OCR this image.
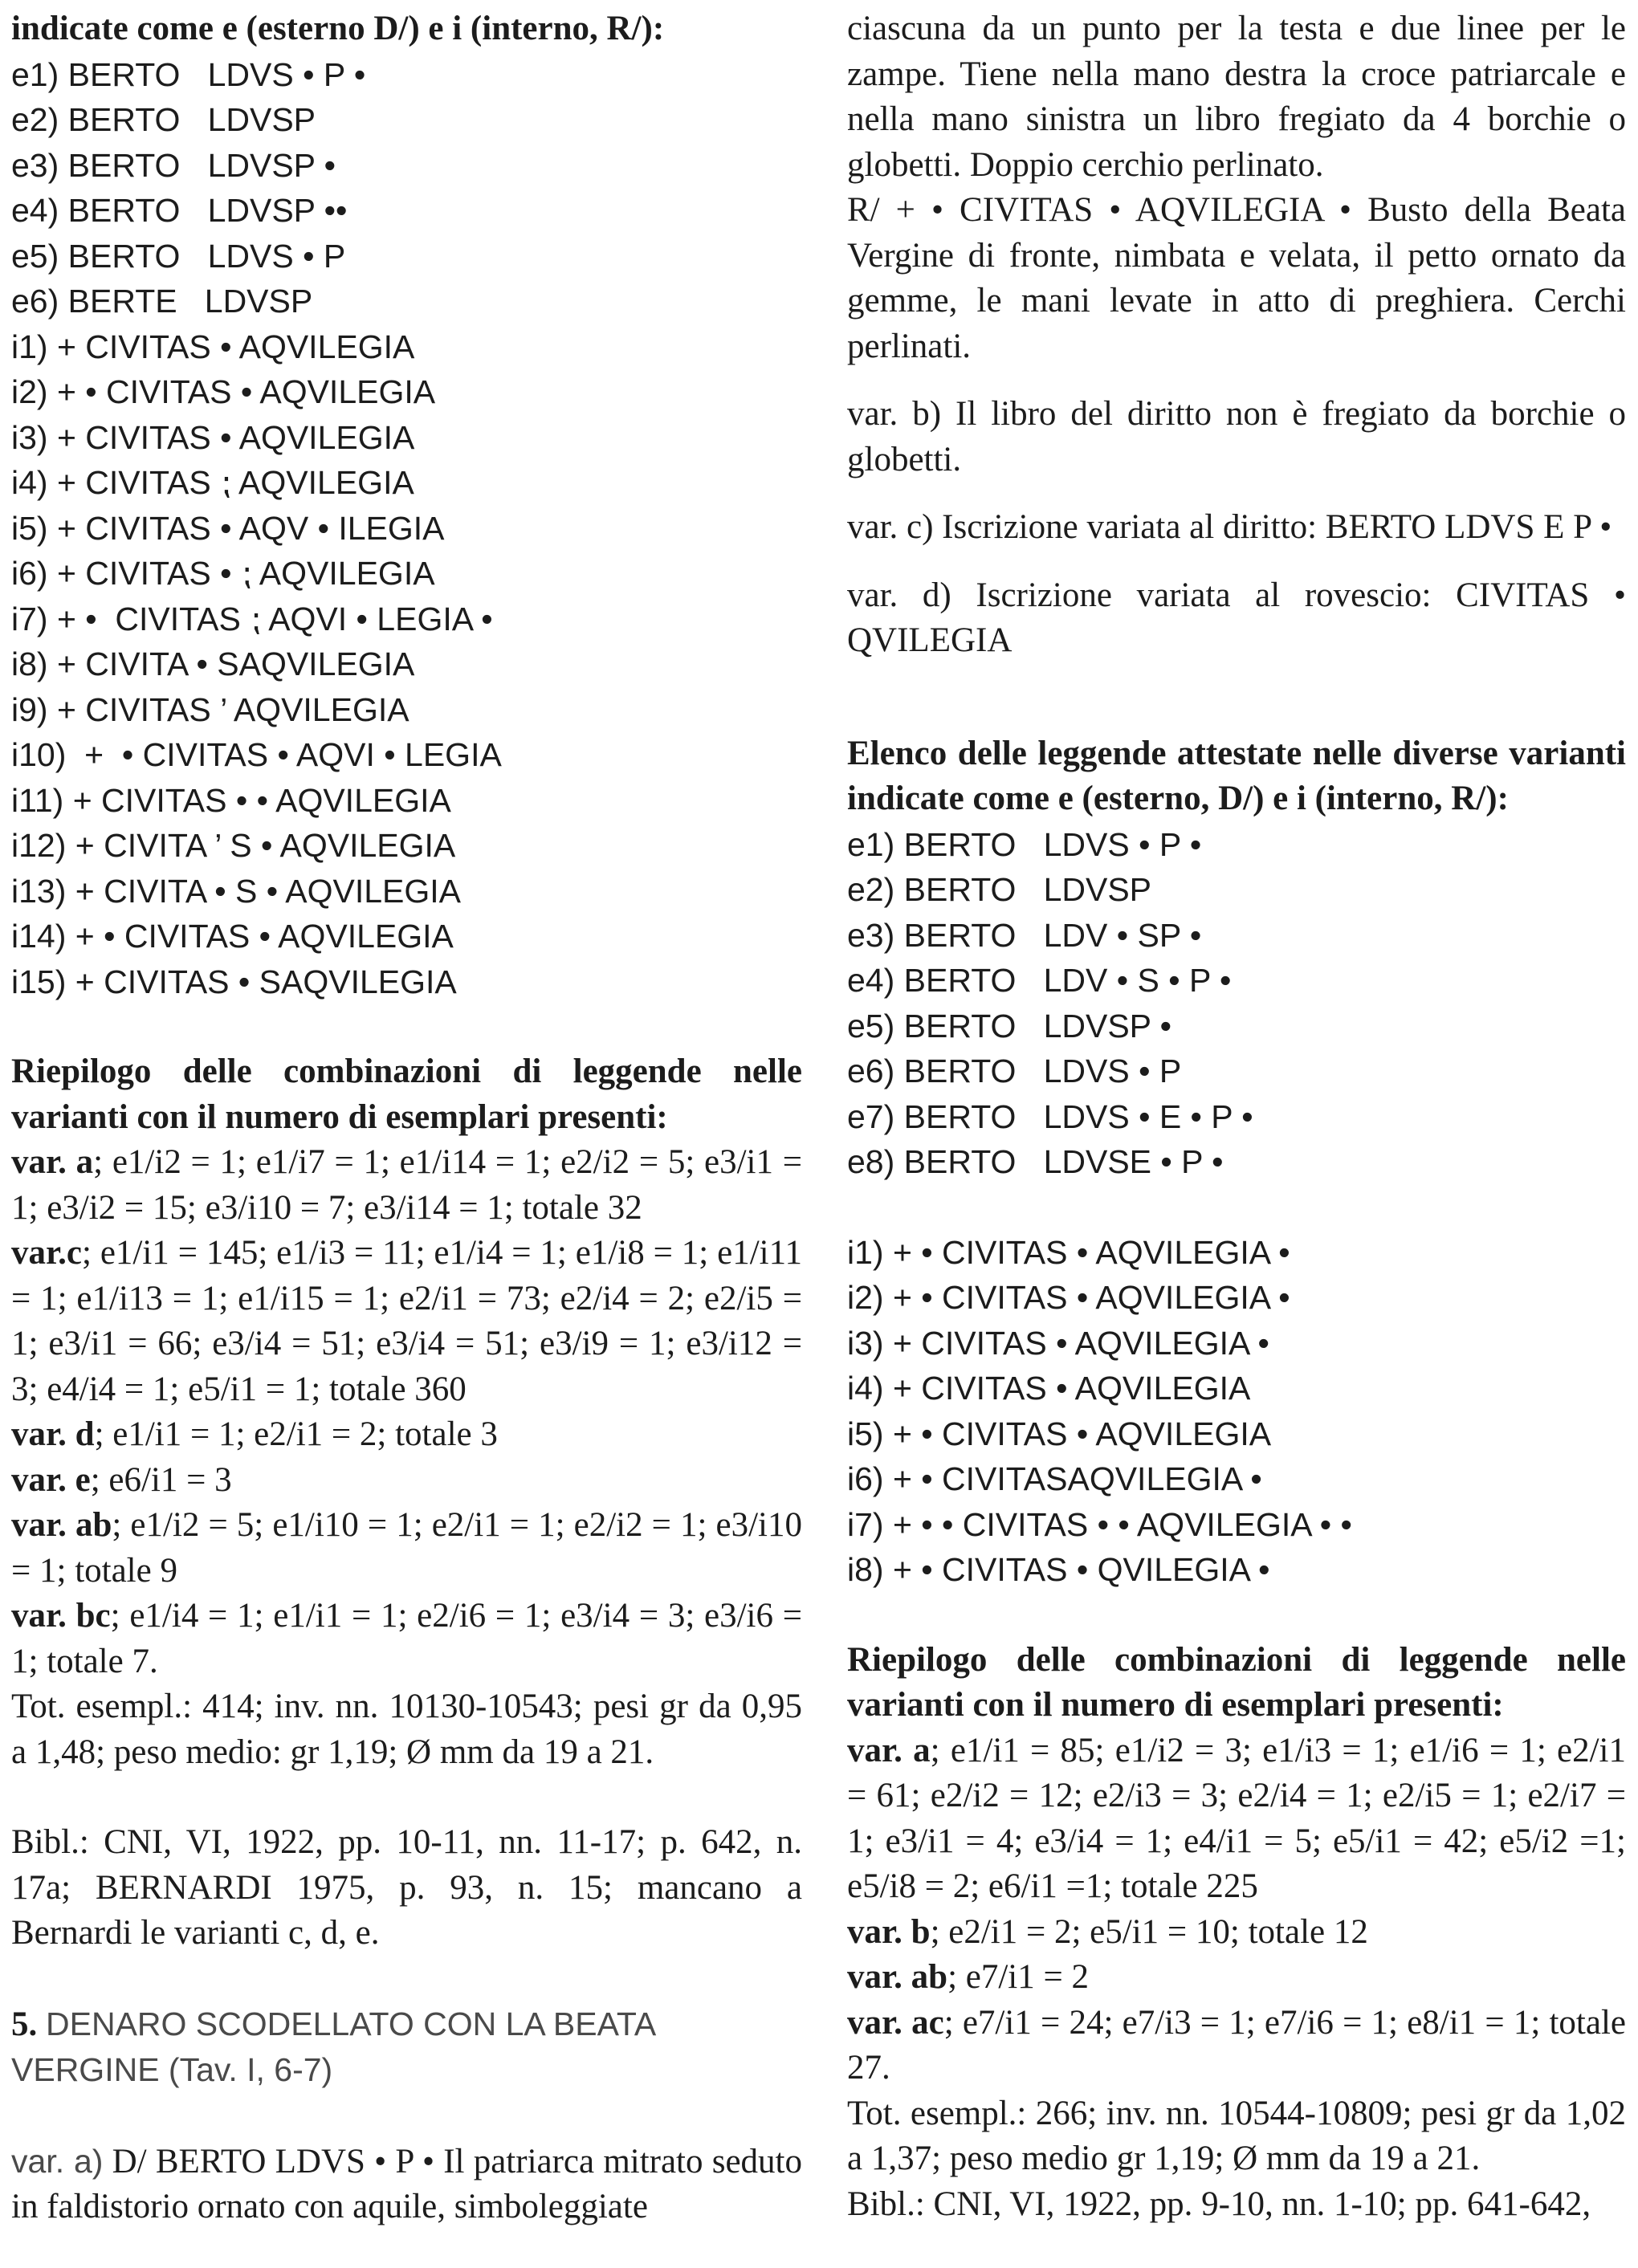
indicate come e (esterno D/) e i (interno, R/):
e1) BERTO   LDVS • P •
e2) BERTO   LDVSP
e3) BERTO   LDVSP •
e4) BERTO   LDVSP ••
e5) BERTO   LDVS • P
e6) BERTE   LDVSP
i1) + CIVITAS • AQVILEGIA
i2) + • CIVITAS • AQVILEGIA
i3) + CIVITAS • AQVILEGIA
i4) + CIVITAS ⁏ AQVILEGIA
i5) + CIVITAS • AQV • ILEGIA
i6) + CIVITAS • ⁏ AQVILEGIA
i7) + •  CIVITAS ⁏ AQVI • LEGIA •
i8) + CIVITA • SAQVILEGIA
i9) + CIVITAS ’ AQVILEGIA
i10)  +  • CIVITAS • AQVI • LEGIA
i11) + CIVITAS • • AQVILEGIA
i12) + CIVITA ’ S • AQVILEGIA
i13) + CIVITA • S • AQVILEGIA
i14) + • CIVITAS • AQVILEGIA
i15) + CIVITAS • SAQVILEGIA
Riepilogo delle combinazioni di leggende nelle varianti con il numero di esemplari presenti:
var. a; e1/i2 = 1; e1/i7 = 1; e1/i14 = 1; e2/i2 = 5; e3/i1 = 1; e3/i2 = 15; e3/i10 = 7; e3/i14 = 1; totale 32
var.c; e1/i1 = 145; e1/i3 = 11; e1/i4 = 1; e1/i8 = 1; e1/i11 = 1; e1/i13 = 1; e1/i15 = 1; e2/i1 = 73; e2/i4 = 2; e2/i5 = 1; e3/i1 = 66; e3/i4 = 51; e3/i4 = 51; e3/i9 = 1; e3/i12 = 3; e4/i4 = 1; e5/i1 = 1; totale 360
var. d; e1/i1 = 1; e2/i1 = 2; totale 3
var. e; e6/i1 = 3
var. ab; e1/i2 = 5; e1/i10 = 1; e2/i1 = 1; e2/i2 = 1; e3/i10 = 1; totale 9
var. bc; e1/i4 = 1; e1/i1 = 1; e2/i6 = 1; e3/i4 = 3; e3/i6 = 1; totale 7.
Tot. esempl.: 414; inv. nn. 10130-10543; pesi gr da 0,95 a 1,48; peso medio: gr 1,19; Ø mm da 19 a 21.
Bibl.: CNI, VI, 1922, pp. 10-11, nn. 11-17; p. 642, n. 17a; BERNARDI 1975, p. 93, n. 15; mancano a Bernardi le varianti c, d, e.
5. DENARO SCODELLATO CON LA BEATA VERGINE (Tav. I, 6-7)
var. a) D/ BERTO LDVS • P • Il patriarca mitrato seduto in faldistorio ornato con aquile, simboleggiate
ciascuna da un punto per la testa e due linee per le zampe. Tiene nella mano destra la croce patriarcale e nella mano sinistra un libro fregiato da 4 borchie o globetti. Doppio cerchio perlinato.
R/ + • CIVITAS • AQVILEGIA • Busto della Beata Vergine di fronte, nimbata e velata, il petto ornato da gemme, le mani levate in atto di preghiera. Cerchi perlinati.
var. b) Il libro del diritto non è fregiato da borchie o globetti.
var. c) Iscrizione variata al diritto: BERTO LDVS E P •
var. d) Iscrizione variata al rovescio: CIVITAS • QVILEGIA
Elenco delle leggende attestate nelle diverse varianti indicate come e (esterno, D/) e i (interno, R/):
e1) BERTO   LDVS • P •
e2) BERTO   LDVSP
e3) BERTO   LDV • SP •
e4) BERTO   LDV • S • P •
e5) BERTO   LDVSP •
e6) BERTO   LDVS • P
e7) BERTO   LDVS • E • P •
e8) BERTO   LDVSE • P •
i1) + • CIVITAS • AQVILEGIA •
i2) + • CIVITAS • AQVILEGIA •
i3) + CIVITAS • AQVILEGIA •
i4) + CIVITAS • AQVILEGIA
i5) + • CIVITAS • AQVILEGIA
i6) + • CIVITASAQVILEGIA •
i7) + • • CIVITAS • • AQVILEGIA • •
i8) + • CIVITAS • QVILEGIA •
Riepilogo delle combinazioni di leggende nelle varianti con il numero di esemplari presenti:
var. a; e1/i1 = 85; e1/i2 = 3; e1/i3 = 1; e1/i6 = 1; e2/i1 = 61; e2/i2 = 12; e2/i3 = 3; e2/i4 = 1; e2/i5 = 1; e2/i7 = 1; e3/i1 = 4; e3/i4 = 1; e4/i1 = 5; e5/i1 = 42; e5/i2 =1; e5/i8 = 2; e6/i1 =1; totale 225
var. b; e2/i1 = 2; e5/i1 = 10; totale 12
var. ab; e7/i1 = 2
var. ac; e7/i1 = 24; e7/i3 = 1; e7/i6 = 1; e8/i1 = 1; totale 27.
Tot. esempl.: 266; inv. nn. 10544-10809; pesi gr da 1,02 a 1,37; peso medio gr 1,19; Ø mm da 19 a 21.
Bibl.: CNI, VI, 1922, pp. 9-10, nn. 1-10; pp. 641-642,
